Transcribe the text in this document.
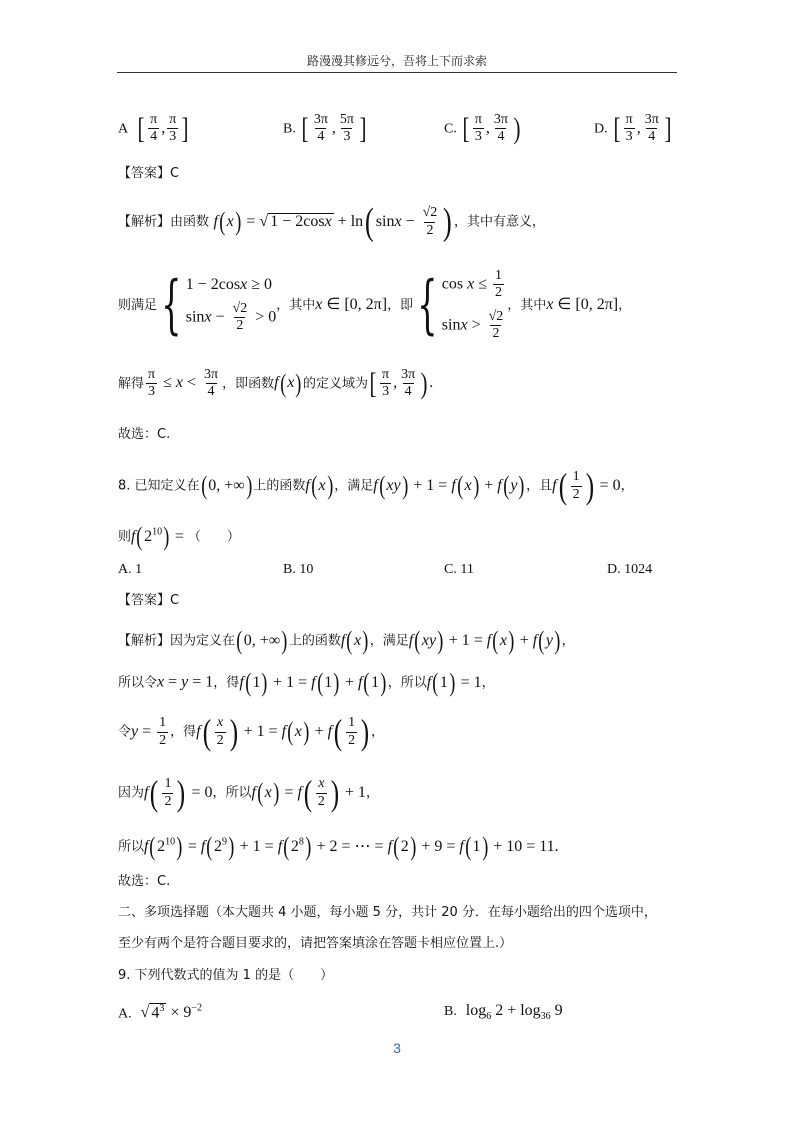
路漫漫其修远兮，吾将上下而求索
A [ $\frac{\pi}{4}$ , $\frac{\pi}{3}$ ]	B. [ $\frac{3\pi}{4}$ , $\frac{5\pi}{3}$ ]	C. [ $\frac{\pi}{3}$ , $\frac{3\pi}{4}$ )	D. [ $\frac{\pi}{3}$ , $\frac{3\pi}{4}$ ]
【答案】C
【解析】由函数 f(x) = √ 1 − 2cosx + ln( $\sin x - \frac{√2}{2}$ ) ，其中有意义，
则满足{ 1 − 2cosx ≥ 0
$\sin x - \frac{√2}{2} > 0$
，其中x ∈ [0, 2π]，即{ $\cos x \le \frac{1}{2}$
$\sin x > \frac{√2}{2}$
，其中x ∈ [0, 2π]，
解得 $\frac{\pi}{3} \le x < \frac{3\pi}{4}$ ，即函数f(x)的定义域为[ $\frac{\pi}{3}$ , $\frac{3\pi}{4}$ ).
故选：C.
8. 已知定义在(0, +∞)上的函数f(x)，满足f(xy) + 1 = f(x) + f(y)，且$f( \frac{1}{2}$ ) = 0，
则$f(2^{10})$ = （　　）
A. 1	B. 10	C. 11	D. 1024
【答案】C
【解析】因为定义在(0, +∞)上的函数f(x)，满足f(xy) + 1 = f(x) + f(y)，
所以令x = y = 1，得f(1) + 1 = f(1) + f(1)，所以f(1) = 1，
令$y = \frac{1}{2}$ ，得$f( \frac{x}{2}$ ) + $1 = f(x) + f( \frac{1}{2}$ ) ，
因为$f( \frac{1}{2}$ ) = 0，所以$f(x) = f( \frac{x}{2}$ ) + 1，
所以$f(2^{10}) = f(2^9) + 1 = f(2^8) + 2$ = ⋯ = f(2) + 9 = f(1) + 10 = 11.
故选：C.
二、多项选择题（本大题共 4 小题，每小题 5 分，共计 20 分．在每小题给出的四个选项中，
至少有两个是符合题目要求的，请把答案填涂在答题卡相应位置上.）
9. 下列代数式的值为 1 的是（　　）
A. √ $4^3 \times 9^{-2}$	B. $\log_6 2 + \log_{36} 9$
3
